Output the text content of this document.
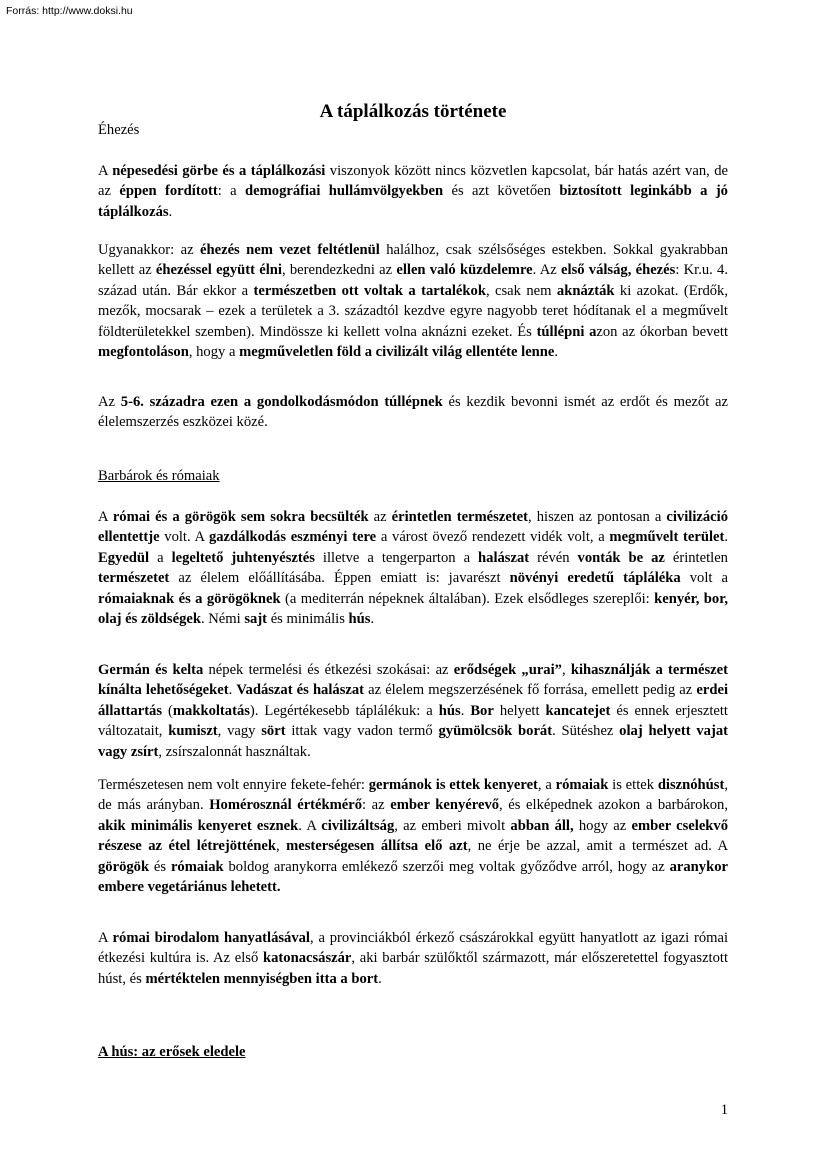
Forrás: http://www.doksi.hu
A táplálkozás története
Éhezés
A népesedési görbe és a táplálkozási viszonyok között nincs közvetlen kapcsolat, bár hatás azért van, de az éppen fordított: a demográfiai hullámvölgyekben és azt követően biztosított leginkább a jó táplálkozás.
Ugyanakkor: az éhezés nem vezet feltétlenül halálhoz, csak szélsőséges estekben. Sokkal gyakrabban kellett az éhezéssel együtt élni, berendezkedni az ellen való küzdelemre. Az első válság, éhezés: Kr.u. 4. század után. Bár ekkor a természetben ott voltak a tartalékok, csak nem aknázták ki azokat. (Erdők, mezők, mocsarak – ezek a területek a 3. századtól kezdve egyre nagyobb teret hódítanak el a megművelt földterületekkel szemben). Mindössze ki kellett volna aknázni ezeket. És túllépni azon az ókorban bevett megfontoláson, hogy a megműveletlen föld a civilizált világ ellentéte lenne.
Az 5-6. századra ezen a gondolkodásmódon túllépnek és kezdik bevonni ismét az erdőt és mezőt az élelemszerzés eszközei közé.
Barbárok és rómaiak
A római és a görögök sem sokra becsülték az érintetlen természetet, hiszen az pontosan a civilizáció ellentettje volt. A gazdálkodás eszményi tere a várost övező rendezett vidék volt, a megművelt terület. Egyedül a legeltető juhtenyésztés illetve a tengerparton a halászat révén vonták be az érintetlen természetet az élelem előállításába. Éppen emiatt is: javarészt növényi eredetű tápláléka volt a rómaiaknak és a görögöknek (a mediterrán népeknek általában). Ezek elsődleges szereplői: kenyér, bor, olaj és zöldségek. Némi sajt és minimális hús.
Germán és kelta népek termelési és étkezési szokásai: az erődségek „urai”, kihasználják a természet kínálta lehetőségeket. Vadászat és halászat az élelem megszerzésének fő forrása, emellett pedig az erdei állattartás (makkoltatás). Legértékesebb táplálékuk: a hús. Bor helyett kancatejet és ennek erjesztett változatait, kumiszt, vagy sört ittak vagy vadon termő gyümölcsök borát. Sütéshez olaj helyett vajat vagy zsírt, zsírszalonnát használtak.
Természetesen nem volt ennyire fekete-fehér: germánok is ettek kenyeret, a rómaiak is ettek disznóhúst, de más arányban. Homérosznál értékmérő: az ember kenyérevő, és elképednek azokon a barbárokon, akik minimális kenyeret esznek. A civilizáltság, az emberi mivolt abban áll, hogy az ember cselekvő részese az étel létrejöttének, mesterségesen állítsa elő azt, ne érje be azzal, amit a természet ad. A görögök és rómaiak boldog aranykorra emlékező szerzői meg voltak győződve arról, hogy az aranykor embere vegetáriánus lehetett.
A római birodalom hanyatlásával, a provinciákból érkező császárokkal együtt hanyatlott az igazi római étkezési kultúra is. Az első katonacsászár, aki barbár szülőktől származott, már előszeretettel fogyasztott húst, és mértéktelen mennyiségben itta a bort.
A hús: az erősek eledele
1
